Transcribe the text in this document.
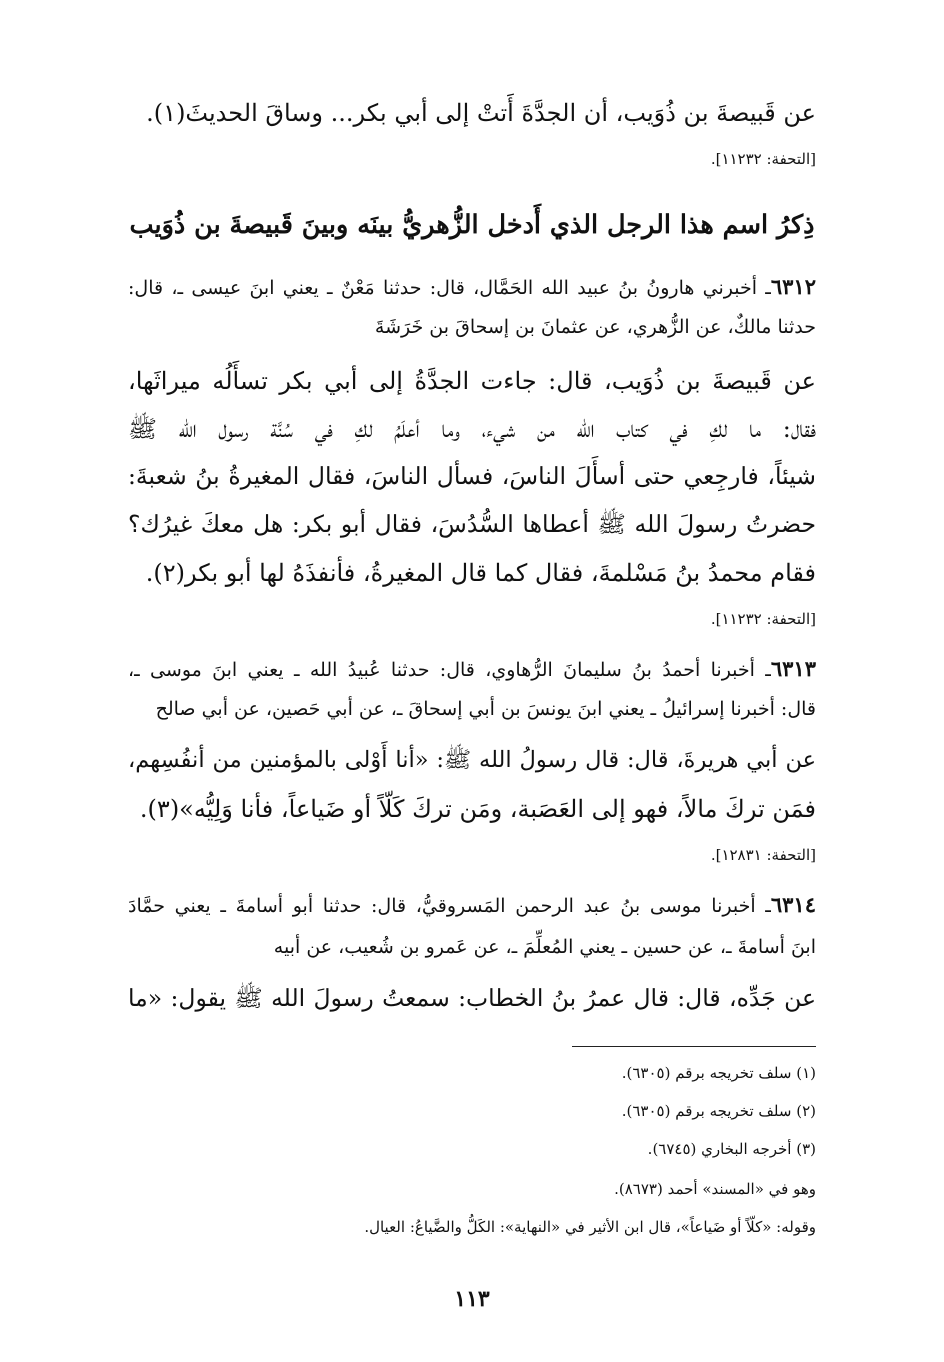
عن قَبيصةَ بن ذُوَيب، أن الجدَّةَ أَتتْ إلى أبي بكر... وساقَ الحديثَ(١).
[التحفة: ١١٢٣٢].
ذِكرُ اسم هذا الرجل الذي أَدخل الزُّهريُّ بينَه وبينَ قَبيصةَ بن ذُوَيب
٦٣١٢ـ أخبرني هارونُ بنُ عبيد الله الحَمَّال، قال: حدثنا مَعْنٌ ـ يعني ابنَ عيسى ـ، قال:
حدثنا مالكٌ، عن الزُّهري، عن عثمانَ بن إسحاقَ بن خَرَشَةَ
عن قَبيصةَ بن ذُوَيب، قال: جاءت الجدَّةُ إلى أبي بكر تسأَلُه ميراثَها،
فقال: ما لكِ في كتاب الله من شيء، وما أعلَمُ لكِ في سُنَّة رسول الله ﷺ
شيئاً، فارجِعي حتى أسأَلَ الناسَ، فسأل الناسَ، فقال المغيرةُ بنُ شعبةَ:
حضرتُ رسولَ الله ﷺ أعطاها السُّدُسَ، فقال أبو بكر: هل معكَ غيرُك؟
فقام محمدُ بنُ مَسْلمةَ، فقال كما قال المغيرةُ، فأنفذَهُ لها أبو بكر(٢).
[التحفة: ١١٢٣٢].
٦٣١٣ـ أخبرنا أحمدُ بنُ سليمانَ الرُّهاوي، قال: حدثنا عُبيدُ الله ـ يعني ابنَ موسى ـ،
قال: أخبرنا إسرائيلُ ـ يعني ابنَ يونسَ بن أبي إسحاقَ ـ، عن أبي حَصين، عن أبي صالح
عن أبي هريرةَ، قال: قال رسولُ الله ﷺ: «أنا أَوْلى بالمؤمنين من أنفُسِهم،
فمَن تركَ مالاً، فهو إلى العَصَبة، ومَن تركَ كَلّاً أو ضَياعاً، فأنا وَلِيُّه»(٣).
[التحفة: ١٢٨٣١].
٦٣١٤ـ أخبرنا موسى بنُ عبد الرحمن المَسروقيُّ، قال: حدثنا أبو أسامةَ ـ يعني حمَّادَ
ابنَ أسامةَ ـ، عن حسين ـ يعني المُعلِّمَ ـ، عن عَمرو بن شُعيب، عن أبيه
عن جَدِّه، قال: قال عمرُ بنُ الخطاب: سمعتُ رسولَ الله ﷺ يقول: «ما
(١) سلف تخريجه برقم (٦٣٠٥).
(٢) سلف تخريجه برقم (٦٣٠٥).
(٣) أخرجه البخاري (٦٧٤٥).
وهو في «المسند» أحمد (٨٦٧٣).
وقوله: «كلّاً أو ضَياعاً»، قال ابن الأثير في «النهاية»: الكَلُّ والضَّياعُ: العيال.
١١٣
